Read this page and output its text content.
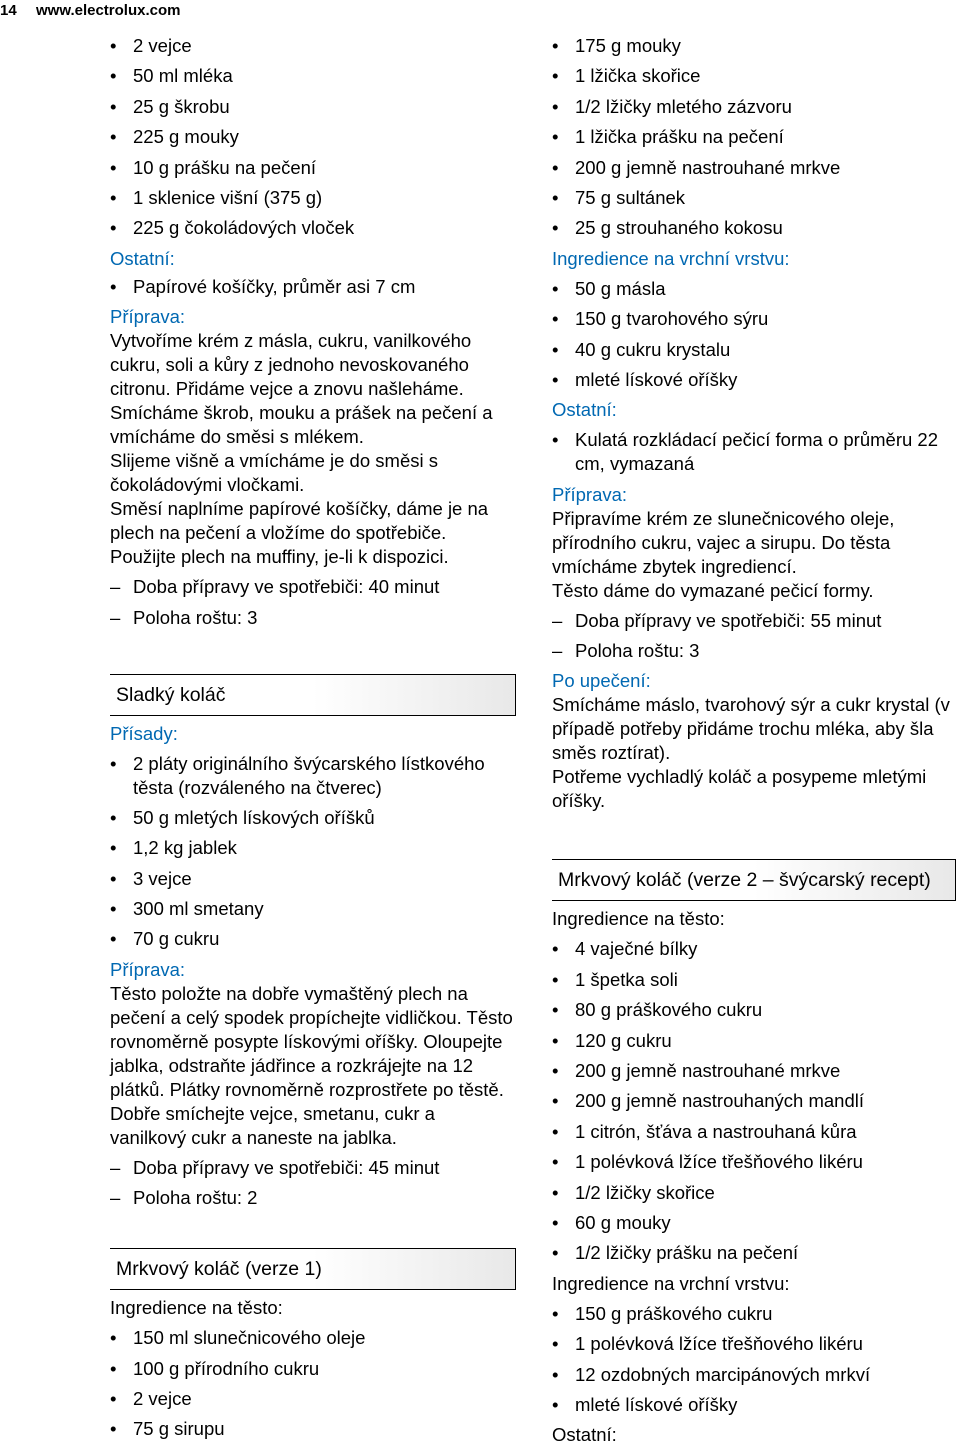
14 www.electrolux.com
• 2 vejce
• 50 ml mléka
• 25 g škrobu
• 225 g mouky
• 10 g prášku na pečení
• 1 sklenice višní (375 g)
• 225 g čokoládových vloček

Ostatní:

• Papírové košíčky, průměr asi 7 cm

Příprava:

Vytvoříme krém z másla, cukru, vanilkového cukru, soli a kůry z jednoho nevoskovaného citronu. Přidáme vejce a znovu našleháme.

Smícháme škrob, mouku a prášek na pečení a vmícháme do směsi s mlékem.

Slijeme višně a vmícháme je do směsi s čokoládovými vločkami.

Směsí naplníme papírové košíčky, dáme je na plech na pečení a vložíme do spotřebiče. Použijte plech na muffiny, je-li k dispozici.

– Doba přípravy ve spotřebiči: 40 minut
– Poloha roštu: 3
Sladký koláč

Přísady:

• 2 pláty originálního švýcarského lístkového těsta (rozváleného na čtverec)
• 50 g mletých lískových oříšků
• 1,2 kg jablek
• 3 vejce
• 300 ml smetany
• 70 g cukru

Příprava:

Těsto položte na dobře vymaštěný plech na pečení a celý spodek propíchejte vidličkou. Těsto rovnoměrně posypte lískovými oříšky. Oloupejte jablka, odstraňte jádřince a rozkrájejte na 12 plátků. Plátky rovnoměrně rozprostřete po těstě. Dobře smíchejte vejce, smetanu, cukr a vanilkový cukr a naneste na jablka.

– Doba přípravy ve spotřebiči: 45 minut
– Poloha roštu: 2
Mrkvový koláč (verze 1)

Ingredience na těsto:

• 150 ml slunečnicového oleje
• 100 g přírodního cukru
• 2 vejce
• 75 g sirupu
• 175 g mouky
• 1 lžička skořice
• 1/2 lžičky mletého zázvoru
• 1 lžička prášku na pečení
• 200 g jemně nastrouhané mrkve
• 75 g sultánek
• 25 g strouhaného kokosu

Ingredience na vrchní vrstvu:

• 50 g másla
• 150 g tvarohového sýru
• 40 g cukru krystalu
• mleté lískové oříšky

Ostatní:

• Kulatá rozkládací pečicí forma o průměru 22 cm, vymazaná

Příprava:

Připravíme krém ze slunečnicového oleje, přírodního cukru, vajec a sirupu. Do těsta vmícháme zbytek ingrediencí.

Těsto dáme do vymazané pečicí formy.

– Doba přípravy ve spotřebiči: 55 minut
– Poloha roštu: 3

Po upečení:

Smícháme máslo, tvarohový sýr a cukr krystal (v případě potřeby přidáme trochu mléka, aby šla směs roztírat).

Potřeme vychladlý koláč a posypeme mletými oříšky.

Mrkvový koláč (verze 2 – švýcarský recept)

Ingredience na těsto:

• 4 vaječné bílky
• 1 špetka soli
• 80 g práškového cukru
• 120 g cukru
• 200 g jemně nastrouhané mrkve
• 200 g jemně nastrouhaných mandlí
• 1 citrón, šťáva a nastrouhaná kůra
• 1 polévková lžíce třešňového likéru
• 1/2 lžičky skořice
• 60 g mouky
• 1/2 lžičky prášku na pečení

Ingredience na vrchní vrstvu:

• 150 g práškového cukru
• 1 polévková lžíce třešňového likéru
• 12 ozdobných marcipánových mrkví
• mleté lískové oříšky

Ostatní:
